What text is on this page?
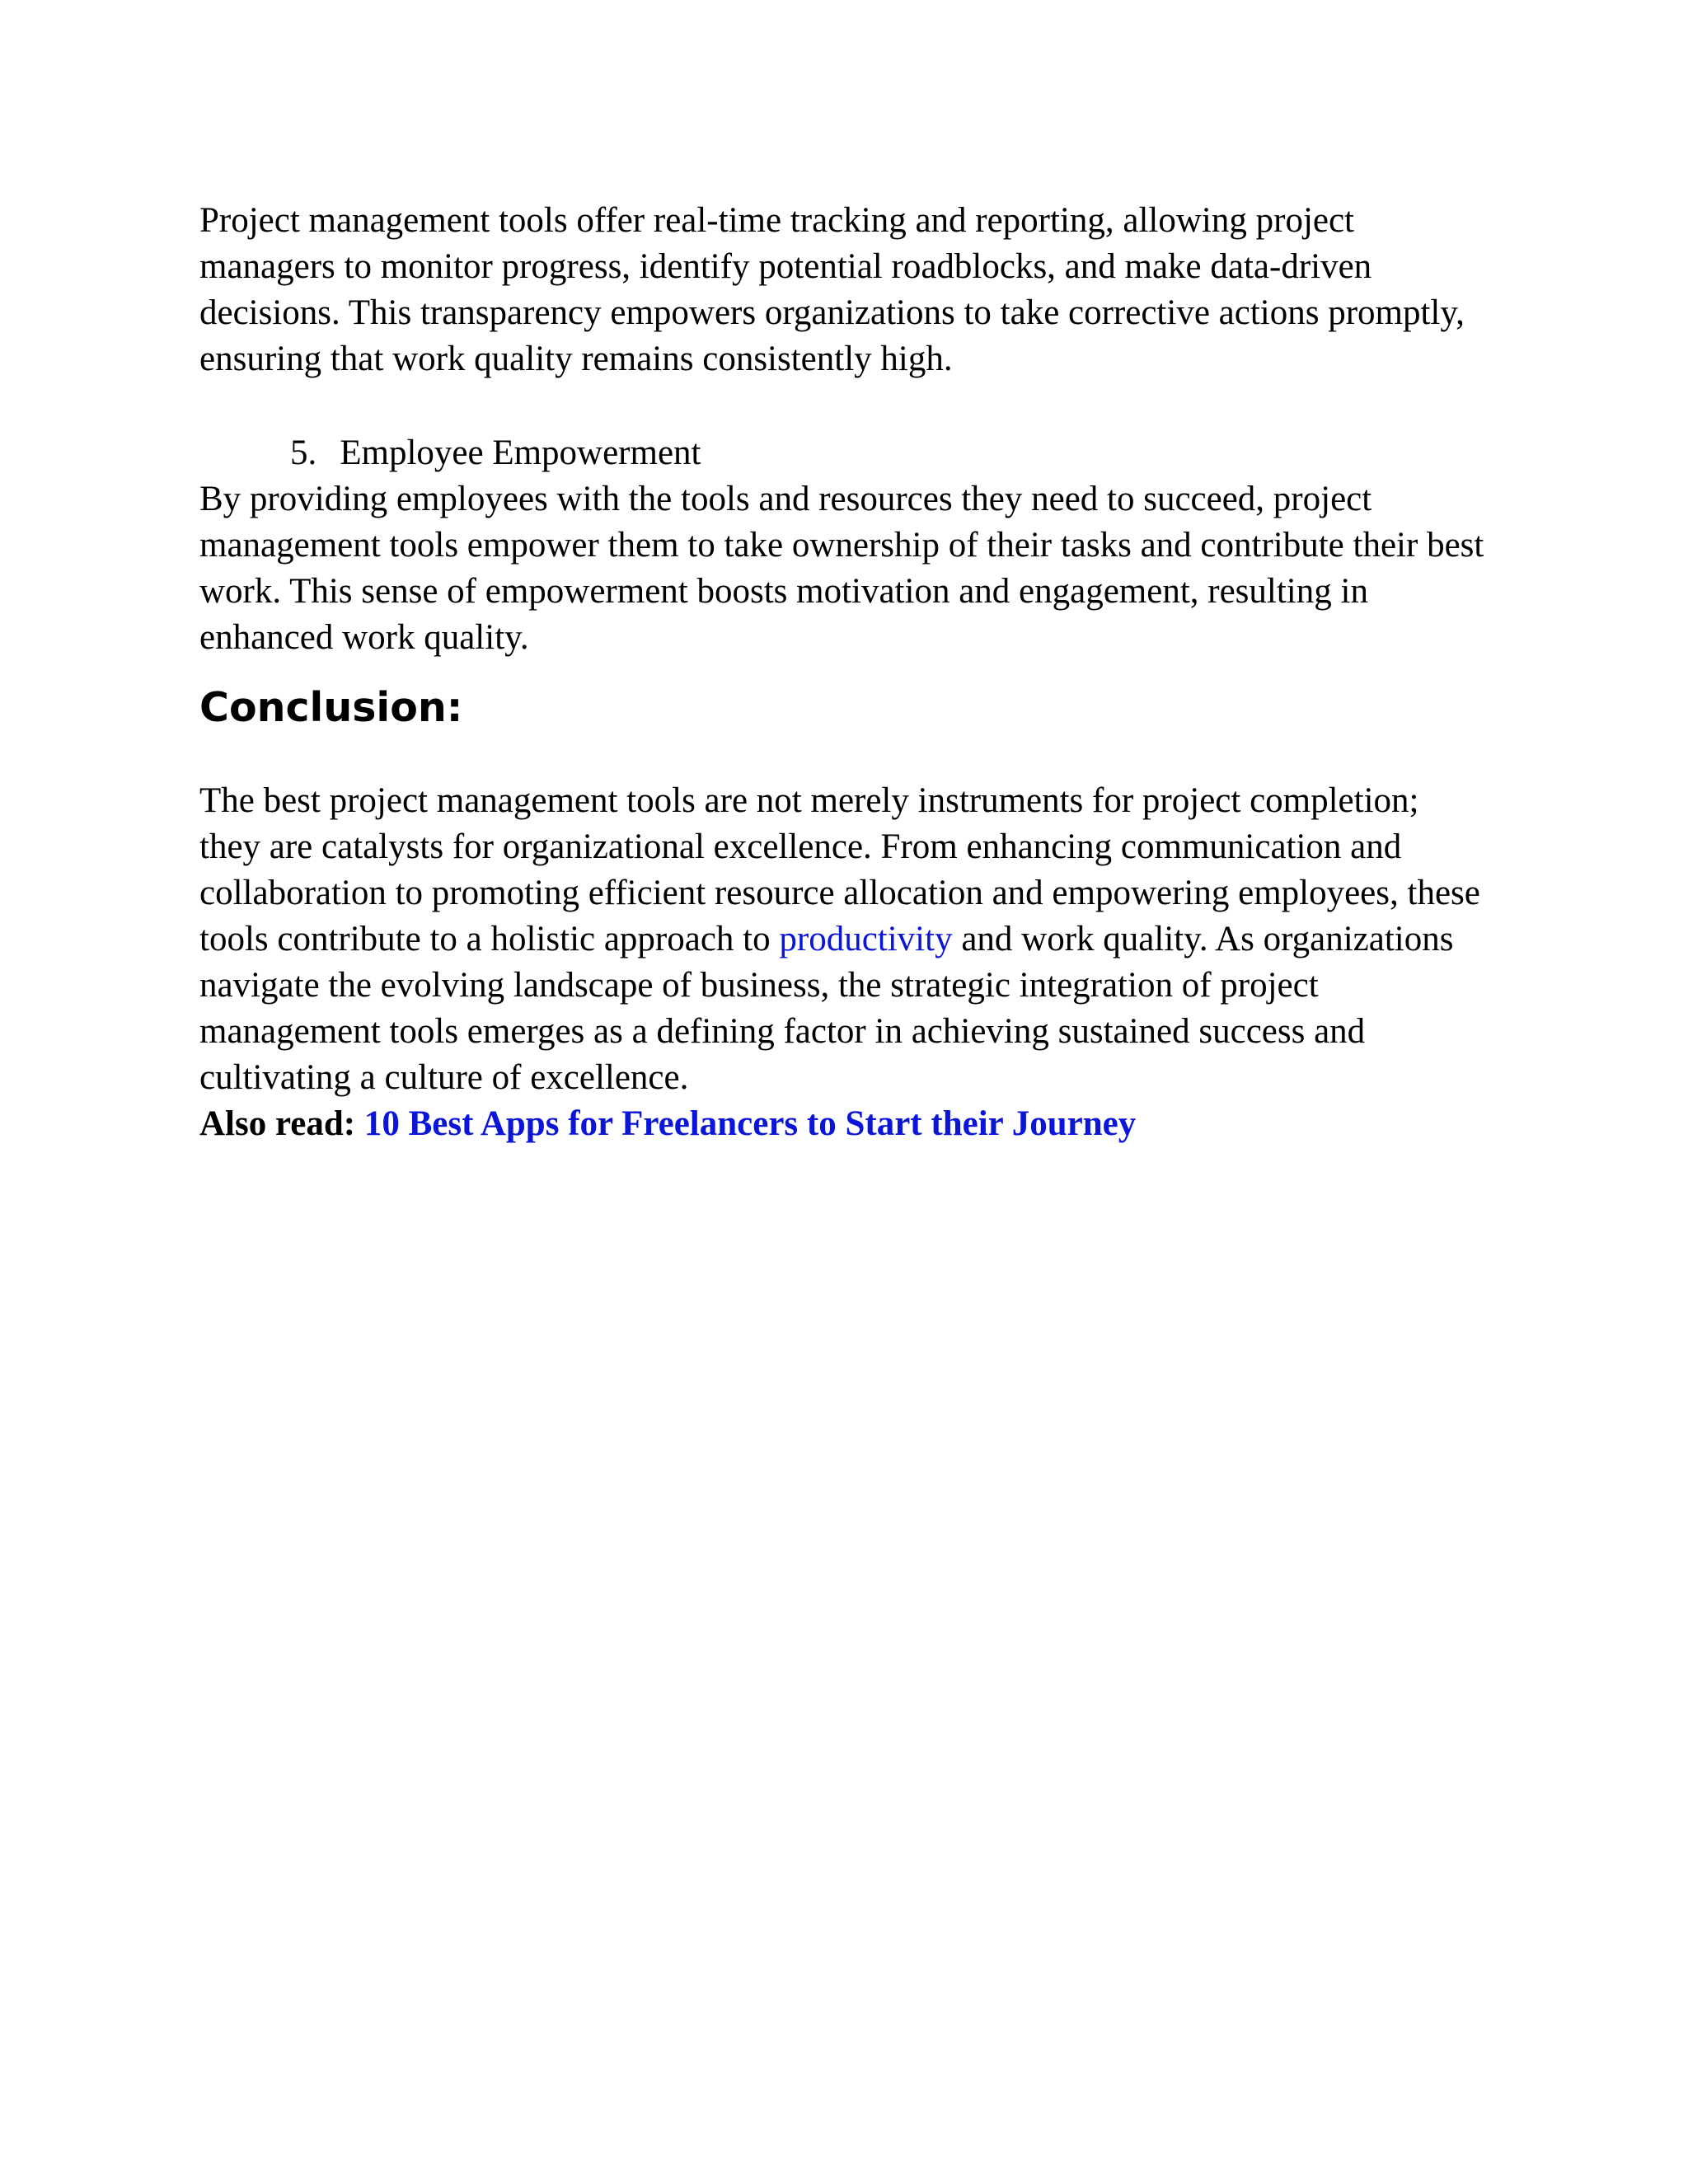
Project management tools offer real-time tracking and reporting, allowing project managers to monitor progress, identify potential roadblocks, and make data-driven decisions. This transparency empowers organizations to take corrective actions promptly, ensuring that work quality remains consistently high.

5. Employee Empowerment

By providing employees with the tools and resources they need to succeed, project management tools empower them to take ownership of their tasks and contribute their best work. This sense of empowerment boosts motivation and engagement, resulting in enhanced work quality.

Conclusion:

The best project management tools are not merely instruments for project completion; they are catalysts for organizational excellence. From enhancing communication and collaboration to promoting efficient resource allocation and empowering employees, these tools contribute to a holistic approach to productivity and work quality. As organizations navigate the evolving landscape of business, the strategic integration of project management tools emerges as a defining factor in achieving sustained success and cultivating a culture of excellence.

Also read: 10 Best Apps for Freelancers to Start their Journey
